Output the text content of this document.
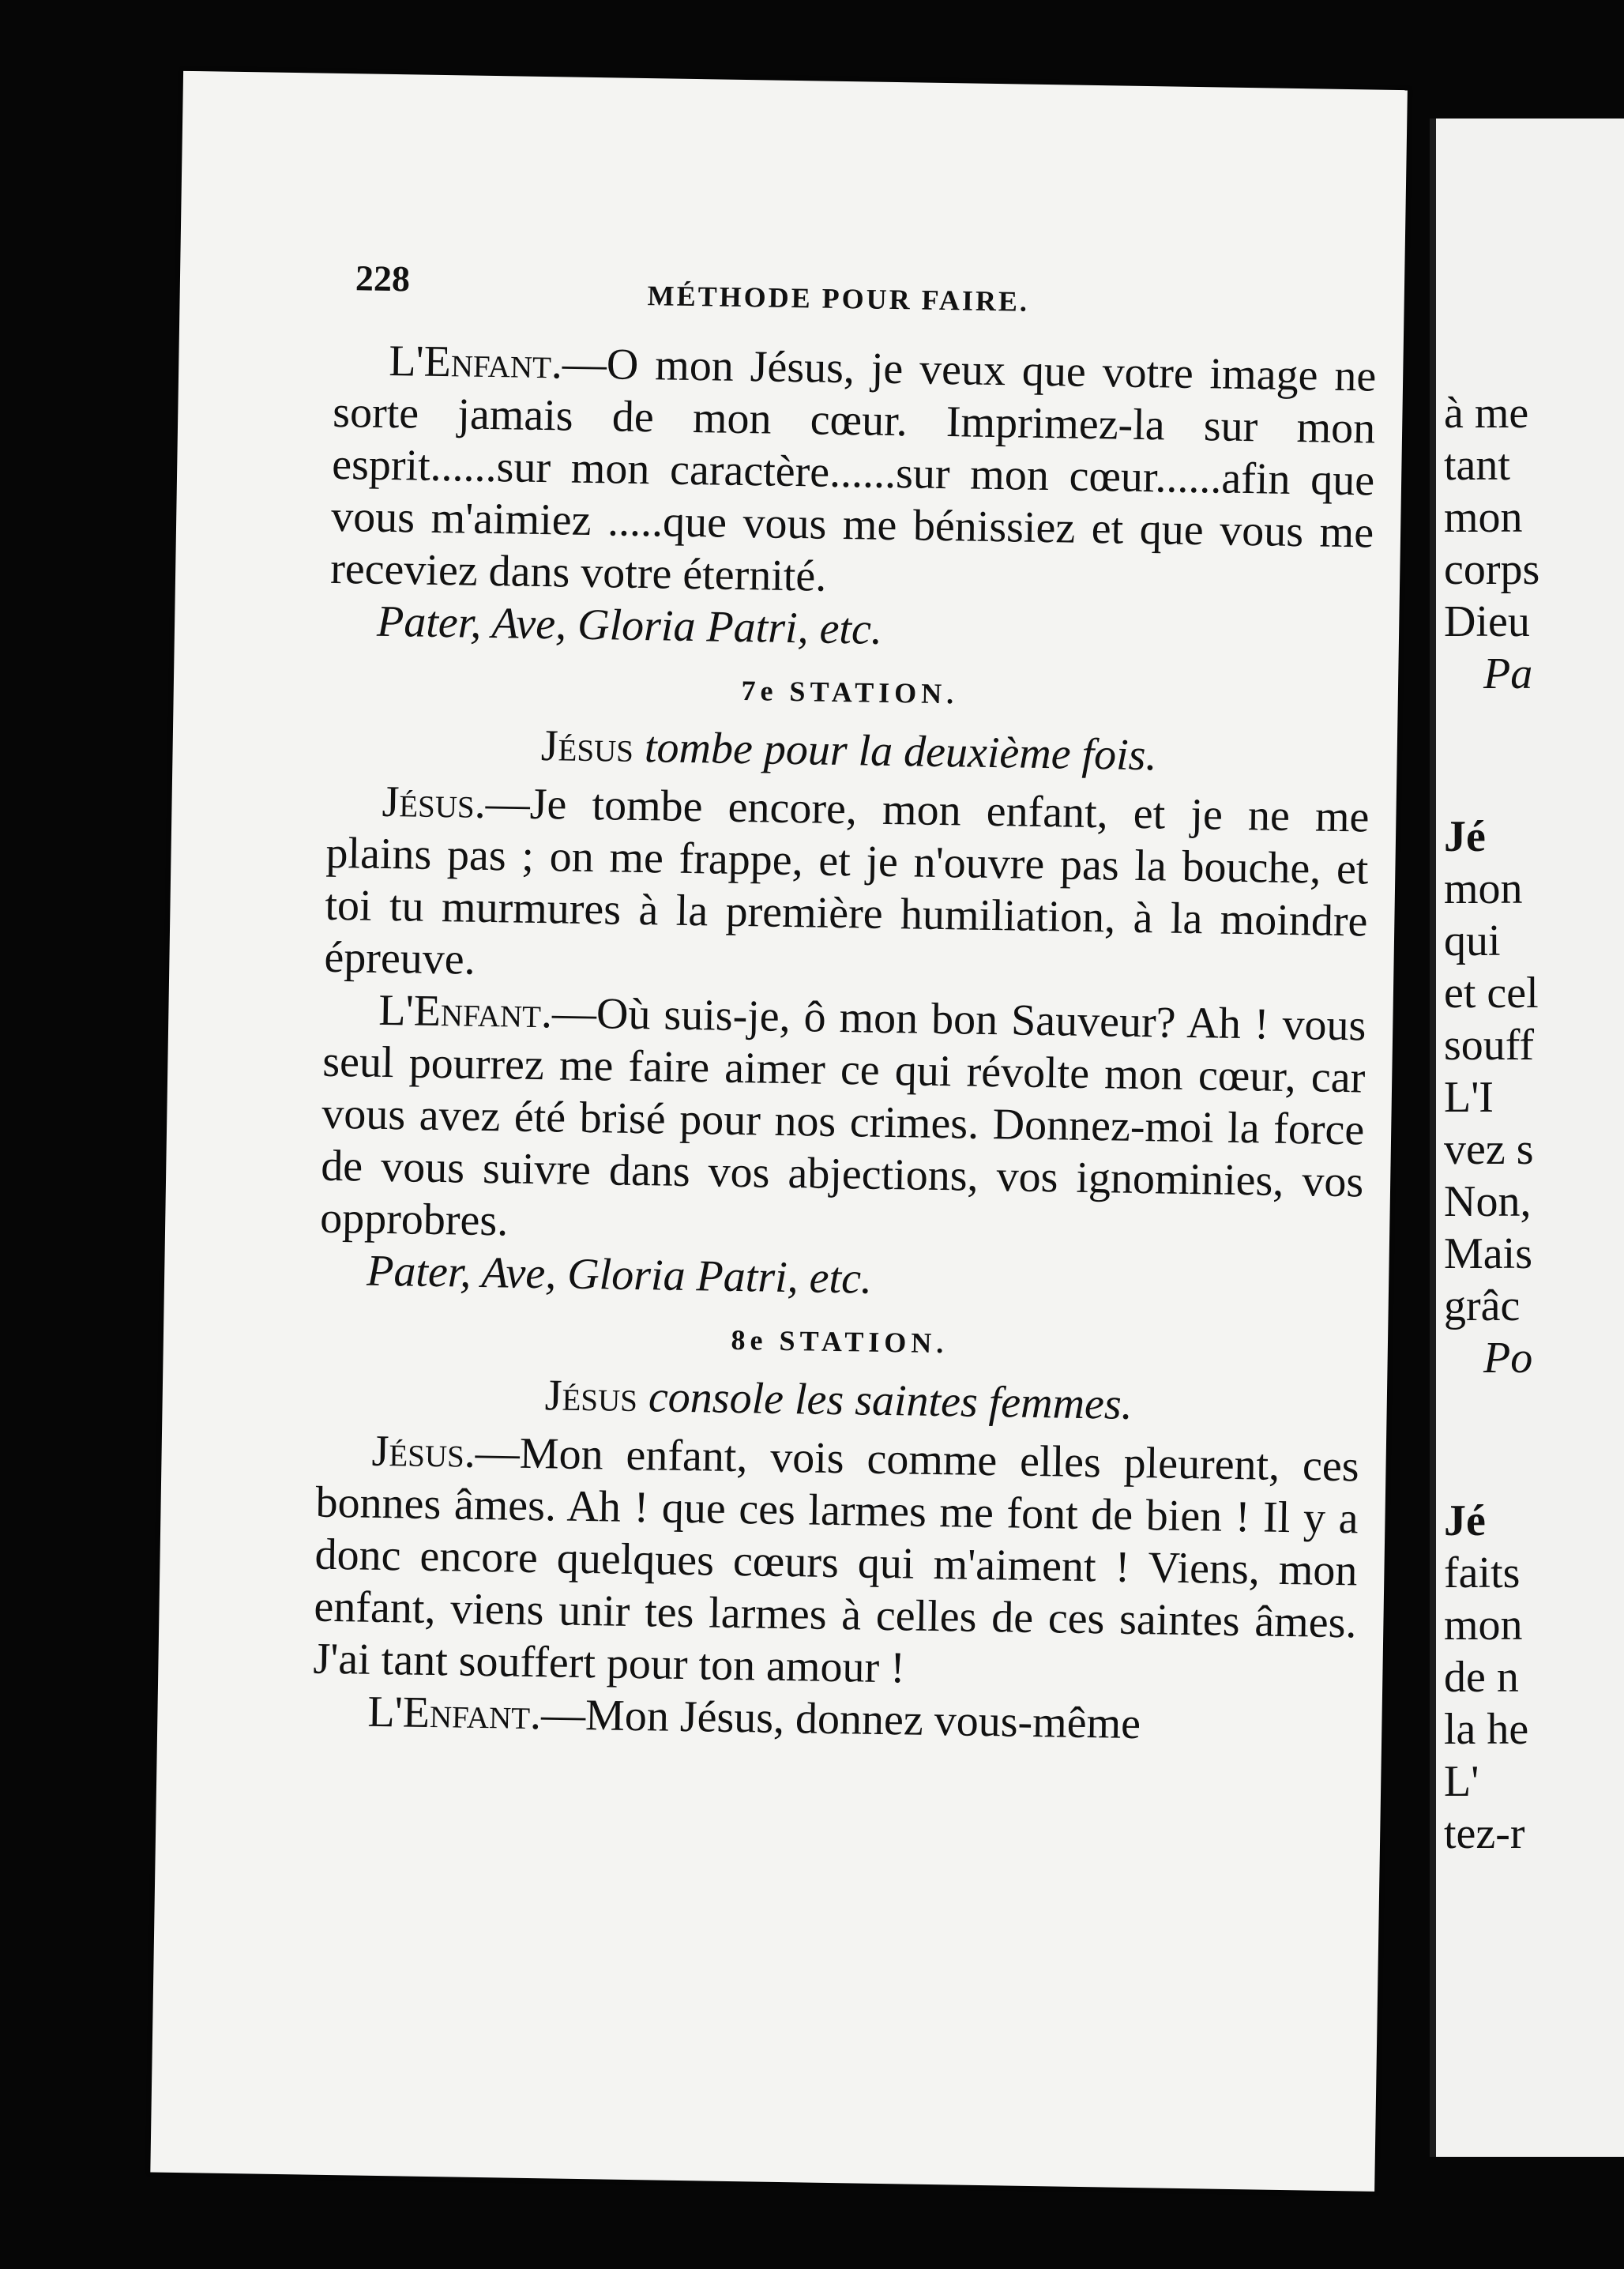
228	MÉTHODE POUR FAIRE.

L'Enfant.—O mon Jésus, je veux que votre image ne sorte jamais de mon cœur. Imprimez-la sur mon esprit......sur mon caractère......sur mon cœur......afin que vous m'aimiez .....que vous me bénissiez et que vous me receviez dans votre éternité.

Pater, Ave, Gloria Patri, etc.

7e STATION.

Jésus tombe pour la deuxième fois.

Jésus.—Je tombe encore, mon enfant, et je ne me plains pas ; on me frappe, et je n'ouvre pas la bouche, et toi tu murmures à la première humiliation, à la moindre épreuve.

L'Enfant.—Où suis-je, ô mon bon Sauveur? Ah ! vous seul pourrez me faire aimer ce qui révolte mon cœur, car vous avez été brisé pour nos crimes. Donnez-moi la force de vous suivre dans vos abjections, vos ignominies, vos opprobres.

Pater, Ave, Gloria Patri, etc.

8e STATION.

Jésus console les saintes femmes.

Jésus.—Mon enfant, vois comme elles pleurent, ces bonnes âmes. Ah ! que ces larmes me font de bien ! Il y a donc encore quelques cœurs qui m'aiment ! Viens, mon enfant, viens unir tes larmes à celles de ces saintes âmes. J'ai tant souffert pour ton amour !

L'Enfant.—Mon Jésus, donnez vous-même

à me
tant
mon
corps
Dieu
Pa
Jé
mon
qui
et cel
souff
L'I
vez s
Non,
Mais
grâc
Po
Jé
faits
mon
de n
la he
L'
tez-r
